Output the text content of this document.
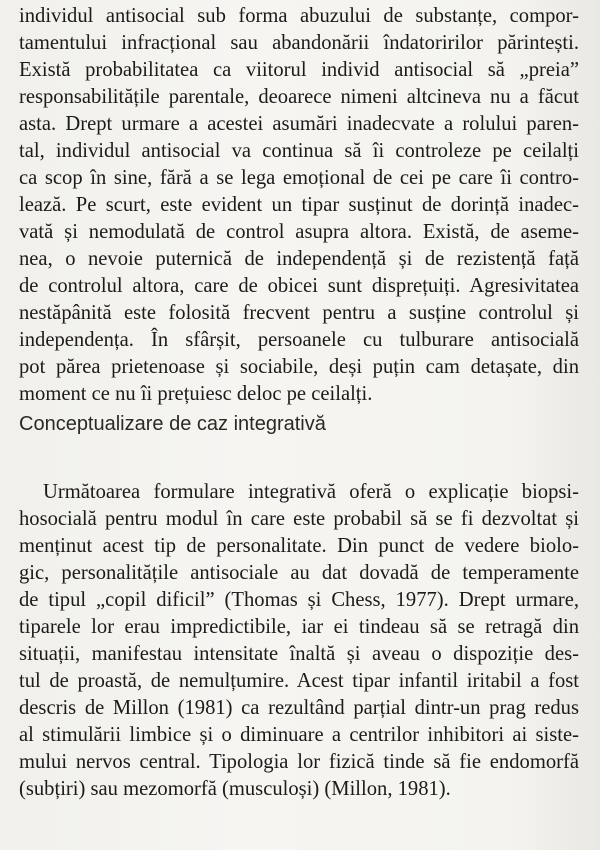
individul antisocial sub forma abuzului de substanțe, compor-
tamentului infracțional sau abandonării îndatoririlor părintești.
Există probabilitatea ca viitorul individ antisocial să „preia”
responsabilitățile parentale, deoarece nimeni altcineva nu a făcut
asta. Drept urmare a acestei asumări inadecvate a rolului paren-
tal, individul antisocial va continua să îi controleze pe ceilalți
ca scop în sine, fără a se lega emoțional de cei pe care îi contro-
lează. Pe scurt, este evident un tipar susținut de dorință inadec-
vată și nemodulată de control asupra altora. Există, de aseme-
nea, o nevoie puternică de independență și de rezistență față
de controlul altora, care de obicei sunt disprețuiți. Agresivitatea
nestăpânită este folosită frecvent pentru a susține controlul și
independența. În sfârșit, persoanele cu tulburare antisocială
pot părea prietenoase și sociabile, deși puțin cam detașate, din
moment ce nu îi prețuiesc deloc pe ceilalți.
Conceptualizare de caz integrativă
Următoarea formulare integrativă oferă o explicație biopsi-
hosocială pentru modul în care este probabil să se fi dezvoltat și
menținut acest tip de personalitate. Din punct de vedere biolo-
gic, personalitățile antisociale au dat dovadă de temperamente
de tipul „copil dificil” (Thomas și Chess, 1977). Drept urmare,
tiparele lor erau impredictibile, iar ei tindeau să se retragă din
situații, manifestau intensitate înaltă și aveau o dispoziție des-
tul de proastă, de nemulțumire. Acest tipar infantil iritabil a fost
descris de Millon (1981) ca rezultând parțial dintr-un prag redus
al stimulării limbice și o diminuare a centrilor inhibitori ai siste-
mului nervos central. Tipologia lor fizică tinde să fie endomorfă
(subțiri) sau mezomorfă (musculoși) (Millon, 1981).
